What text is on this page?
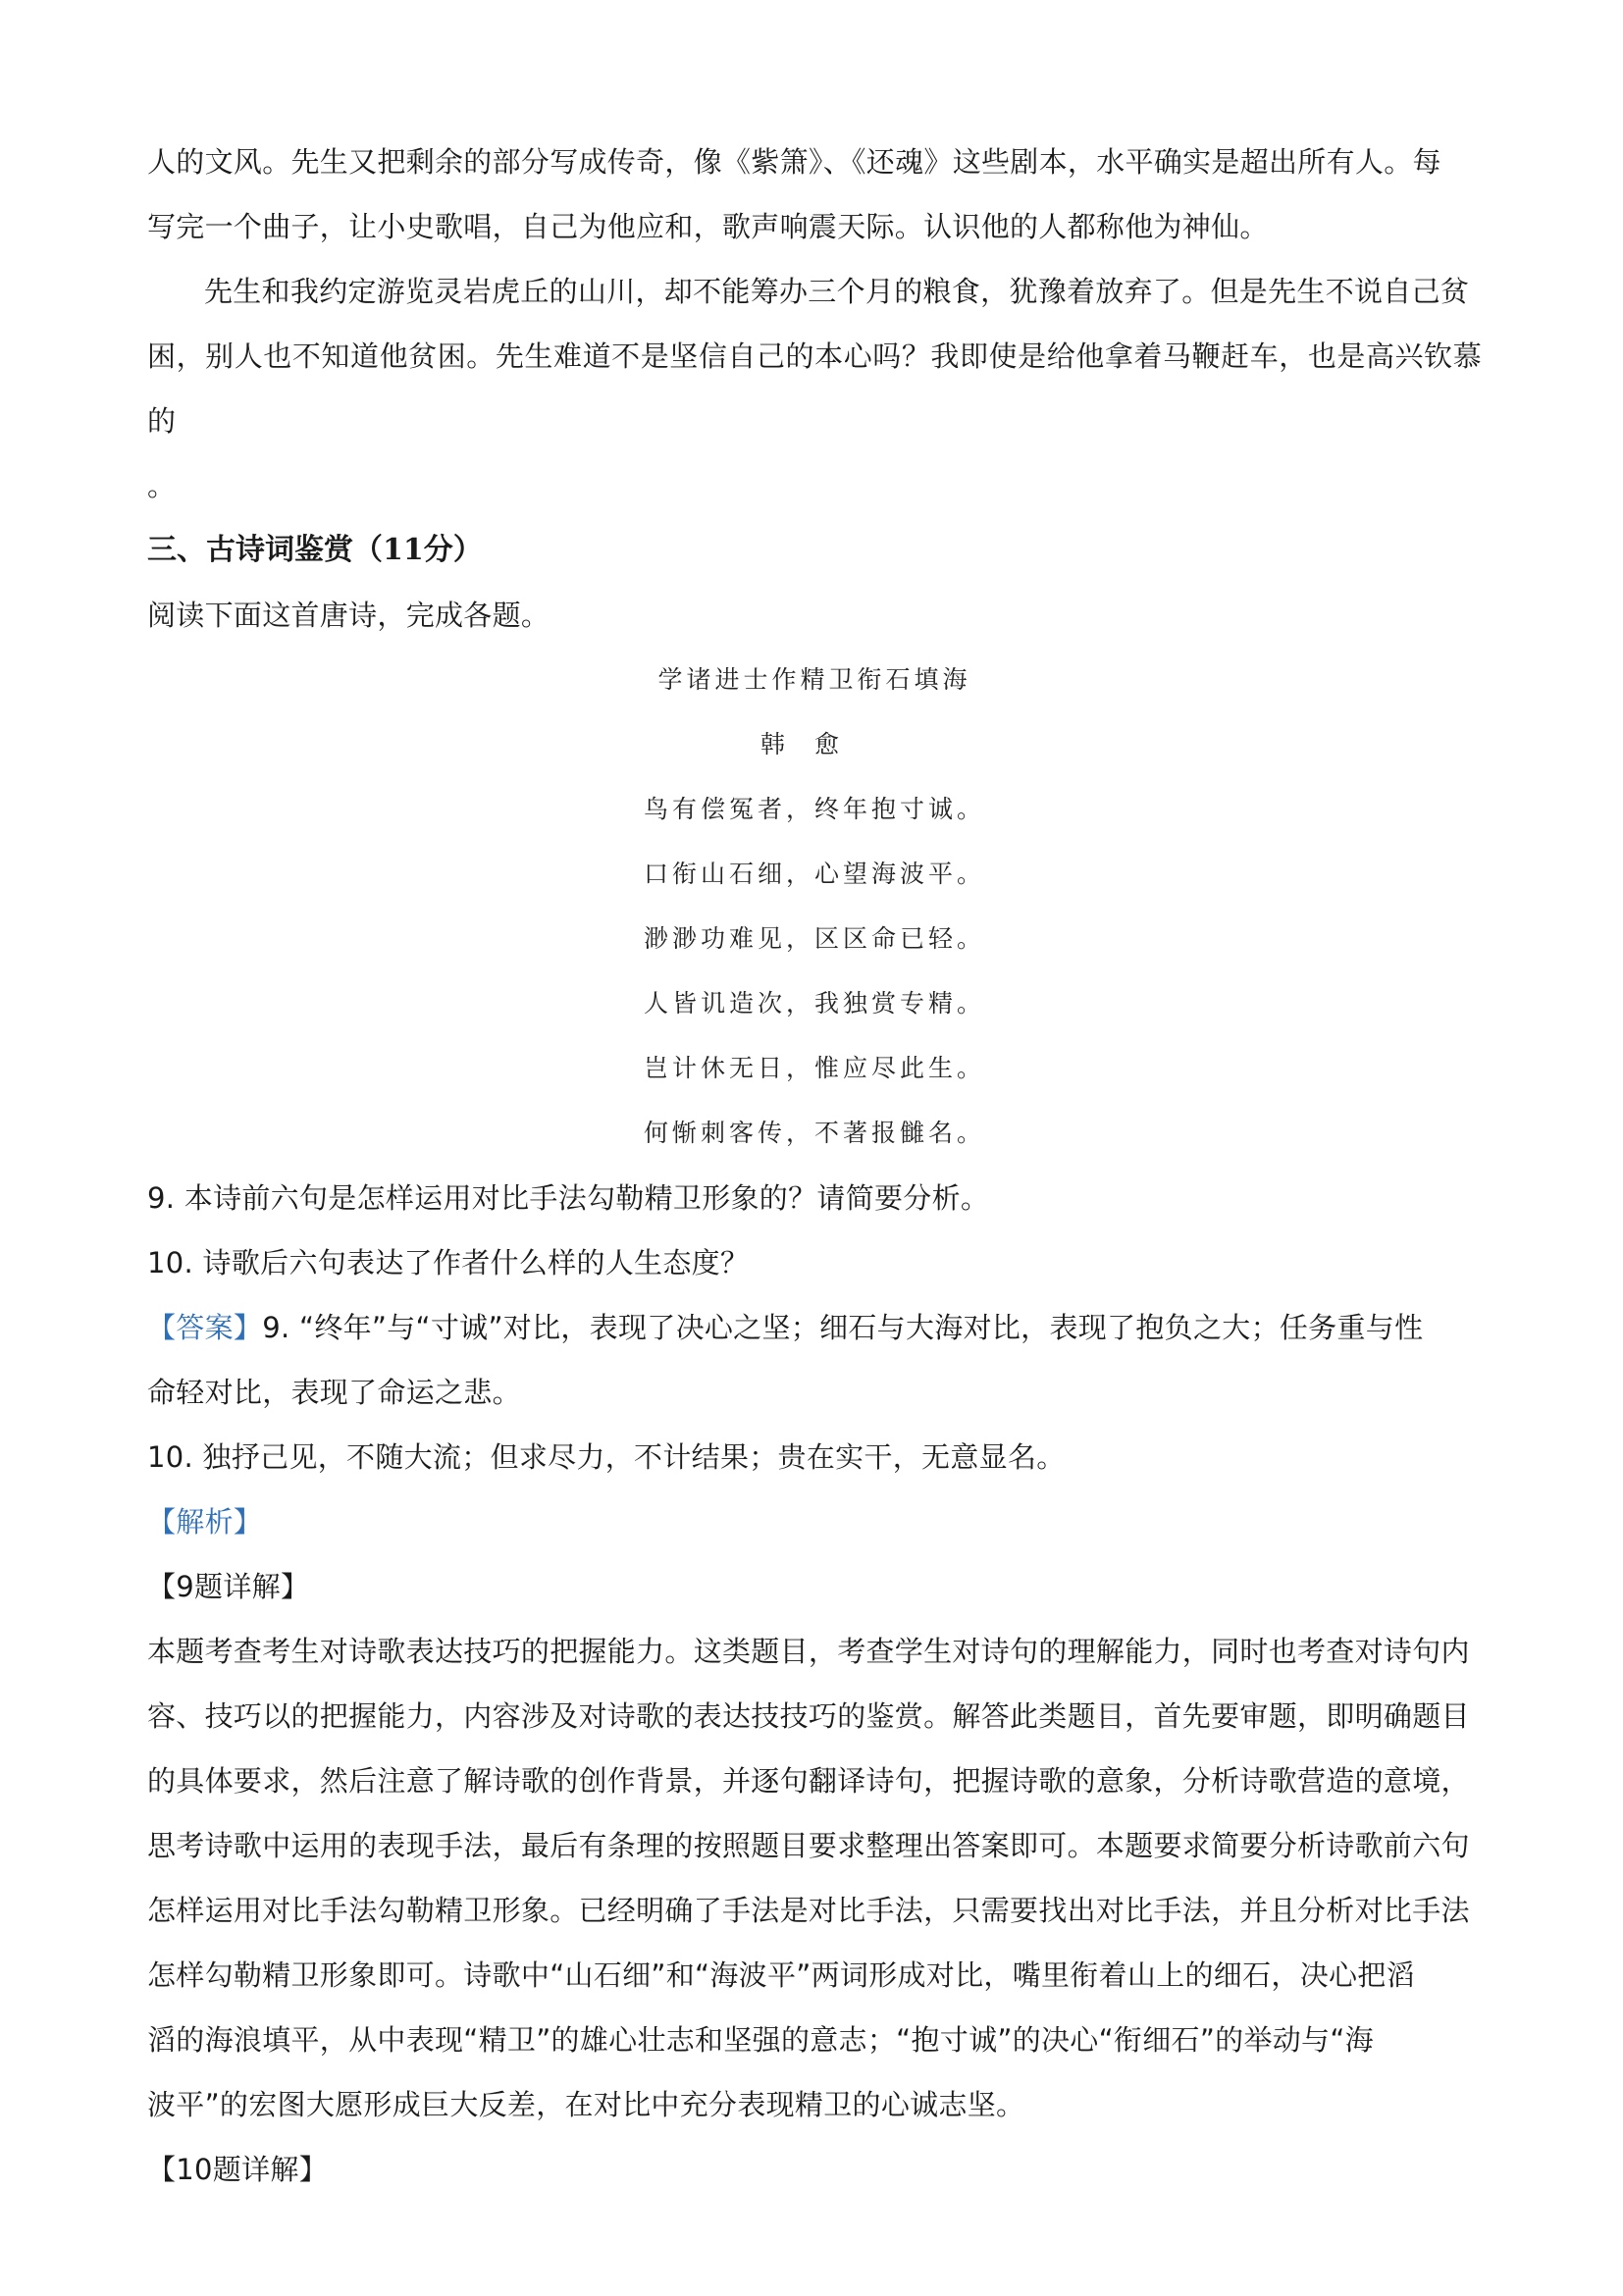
人的文风。先生又把剩余的部分写成传奇，像《紫箫》、《还魂》这些剧本，水平确实是超出所有人。每

写完一个曲子，让小史歌唱，自己为他应和，歌声响震天际。认识他的人都称他为神仙。

先生和我约定游览灵岩虎丘的山川，却不能筹办三个月的粮食，犹豫着放弃了。但是先生不说自己贫

困，别人也不知道他贫困。先生难道不是坚信自己的本心吗？我即使是给他拿着马鞭赶车，也是高兴钦慕的

。

三、古诗词鉴赏（11分）

阅读下面这首唐诗，完成各题。

学诸进士作精卫衔石填海

韩愈

鸟有偿冤者，终年抱寸诚。

口衔山石细，心望海波平。

渺渺功难见，区区命已轻。

人皆讥造次，我独赏专精。

岂计休无日，惟应尽此生。

何惭刺客传，不著报雠名。

9. 本诗前六句是怎样运用对比手法勾勒精卫形象的？请简要分析。

10. 诗歌后六句表达了作者什么样的人生态度？

【答案】9. “终年”与“寸诚”对比，表现了决心之坚；细石与大海对比，表现了抱负之大；任务重与性

命轻对比，表现了命运之悲。

10. 独抒己见，不随大流；但求尽力，不计结果；贵在实干，无意显名。

【解析】

【9题详解】

本题考查考生对诗歌表达技巧的把握能力。这类题目，考查学生对诗句的理解能力，同时也考查对诗句内

容、技巧以的把握能力，内容涉及对诗歌的表达技技巧的鉴赏。解答此类题目，首先要审题，即明确题目

的具体要求，然后注意了解诗歌的创作背景，并逐句翻译诗句，把握诗歌的意象，分析诗歌营造的意境，

思考诗歌中运用的表现手法，最后有条理的按照题目要求整理出答案即可。本题要求简要分析诗歌前六句

怎样运用对比手法勾勒精卫形象。已经明确了手法是对比手法，只需要找出对比手法，并且分析对比手法

怎样勾勒精卫形象即可。诗歌中“山石细”和“海波平”两词形成对比，嘴里衔着山上的细石，决心把滔

滔的海浪填平，从中表现“精卫”的雄心壮志和坚强的意志；“抱寸诚”的决心“衔细石”的举动与“海

波平”的宏图大愿形成巨大反差，在对比中充分表现精卫的心诚志坚。

【10题详解】
